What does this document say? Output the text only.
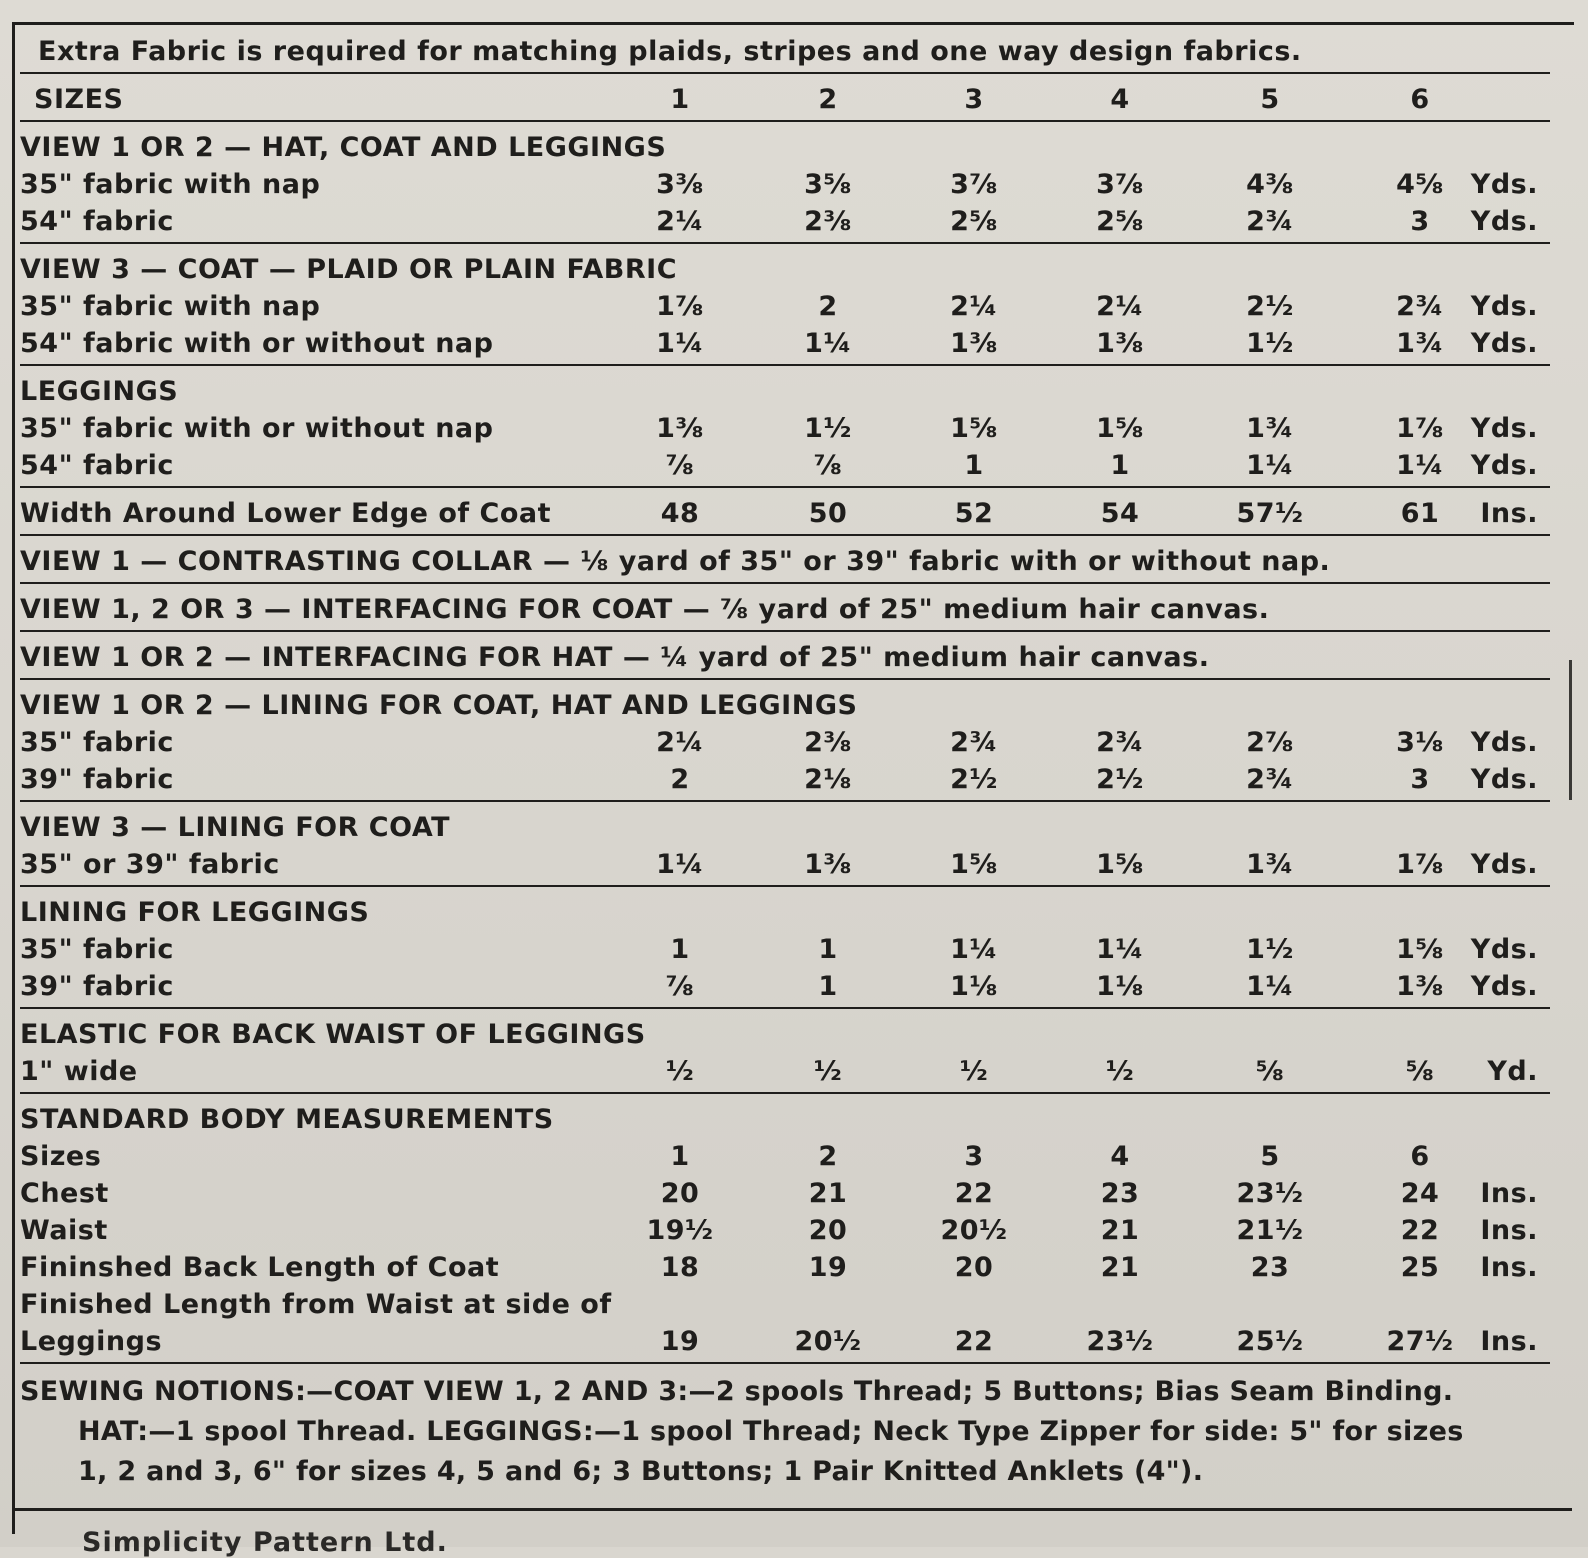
Extra Fabric is required for matching plaids, stripes and one way design fabrics.
SIZES	1	2	3	4	5	6
VIEW 1 OR 2 — HAT, COAT AND LEGGINGS
35" fabric with nap	3⅜	3⅝	3⅞	3⅞	4⅜	4⅝ Yds.
54" fabric	2¼	2⅜	2⅝	2⅝	2¾	3	Yds.
VIEW 3 — COAT — PLAID OR PLAIN FABRIC
35" fabric with nap	1⅞	2	2¼	2¼	2½	2¾ Yds.
54" fabric with or without nap	1¼	1¼	1⅜	1⅜	1½	1¾ Yds.
LEGGINGS
35" fabric with or without nap	1⅜	1½	1⅝	1⅝	1¾	1⅞ Yds.
54" fabric	⅞	⅞	1	1	1¼	1¼ Yds.
Width Around Lower Edge of Coat	48	50	52	54	57½	61	Ins.
VIEW 1 — CONTRASTING COLLAR — ⅛ yard of 35" or 39" fabric with or without nap.
VIEW 1, 2 OR 3 — INTERFACING FOR COAT — ⅞ yard of 25" medium hair canvas.
VIEW 1 OR 2 — INTERFACING FOR HAT — ¼ yard of 25" medium hair canvas.
VIEW 1 OR 2 — LINING FOR COAT, HAT AND LEGGINGS
35" fabric	2¼	2⅜	2¾	2¾	2⅞	3⅛ Yds.
39" fabric	2	2⅛	2½	2½	2¾	3	Yds.
VIEW 3 — LINING FOR COAT
35" or 39" fabric	1¼	1⅜	1⅝	1⅝	1¾	1⅞ Yds.
LINING FOR LEGGINGS
35" fabric	1	1	1¼	1¼	1½	1⅝ Yds.
39" fabric	⅞	1	1⅛	1⅛	1¼	1⅜ Yds.
ELASTIC FOR BACK WAIST OF LEGGINGS
1" wide	½	½	½	½	⅝	⅝	Yd.
STANDARD BODY MEASUREMENTS
Sizes	1	2	3	4	5	6
Chest	20	21	22	23	23½	24	Ins.
Waist	19½	20	20½	21	21½	22	Ins.
Fininshed Back Length of Coat	18	19	20	21	23	25	Ins.
Finished Length from Waist at side of
Leggings	19	20½	22	23½	25½	27½ Ins.
SEWING NOTIONS:—COAT VIEW 1, 2 AND 3:—2 spools Thread; 5 Buttons; Bias Seam Binding.
HAT:—1 spool Thread. LEGGINGS:—1 spool Thread; Neck Type Zipper for side: 5" for sizes
1, 2 and 3, 6" for sizes 4, 5 and 6; 3 Buttons; 1 Pair Knitted Anklets (4").
Simplicity Pattern Ltd.
